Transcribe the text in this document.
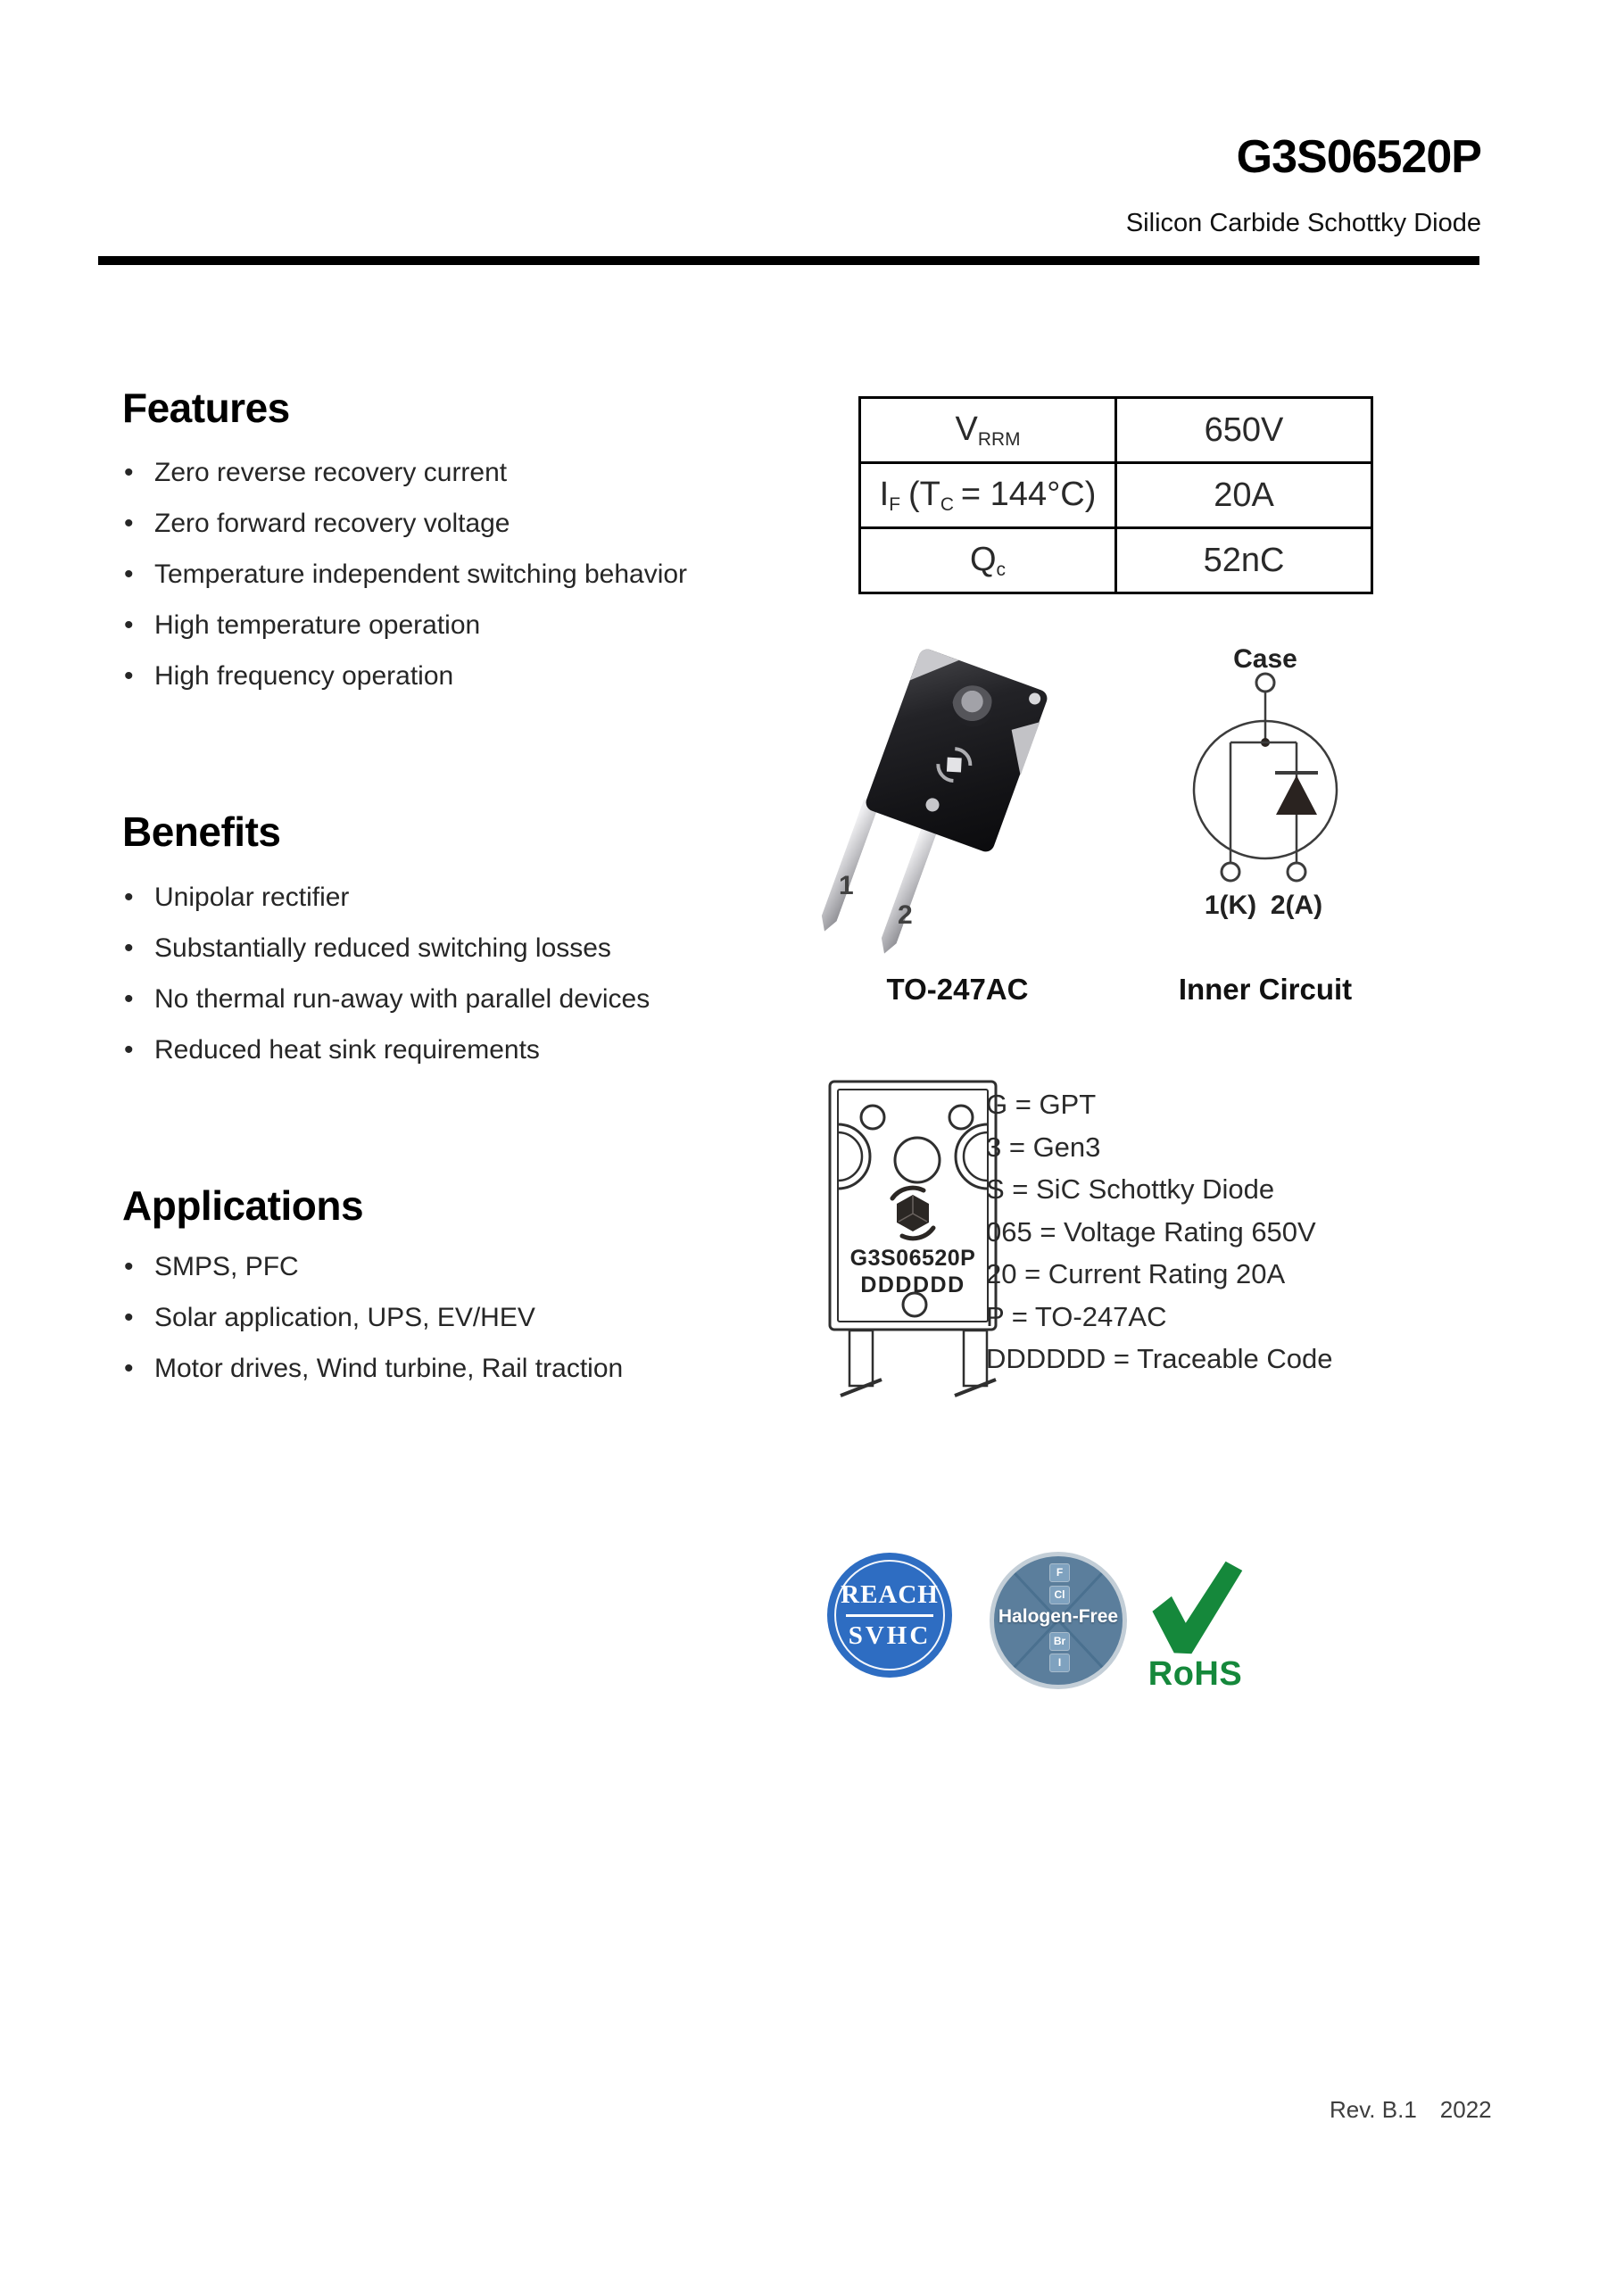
G3S06520P
Silicon Carbide Schottky Diode
Features
• Zero reverse recovery current
• Zero forward recovery voltage
• Temperature independent switching behavior
• High temperature operation
• High frequency operation
Benefits
• Unipolar rectifier
• Substantially reduced switching losses
• No thermal run-away with parallel devices
• Reduced heat sink requirements
Applications
• SMPS, PFC
• Solar application, UPS, EV/HEV
• Motor drives, Wind turbine, Rail traction
$V_{RRM}$	650V
$I_F$ $(T_C = 144^\circ C)$	20A
$Q_c$	52nC
1
2
TO-247AC
Case
1(K) 2(A)
Inner Circuit
G3S06520P
DDDDDD
G = GPT
3 = Gen3
S = SiC Schottky Diode
065 = Voltage Rating 650V
20 = Current Rating 20A
P = TO-247AC
DDDDDD = Traceable Code
REACH
SVHC
F
Cl
Br
I
Halogen-Free
RoHS
Rev. B.1 2022
